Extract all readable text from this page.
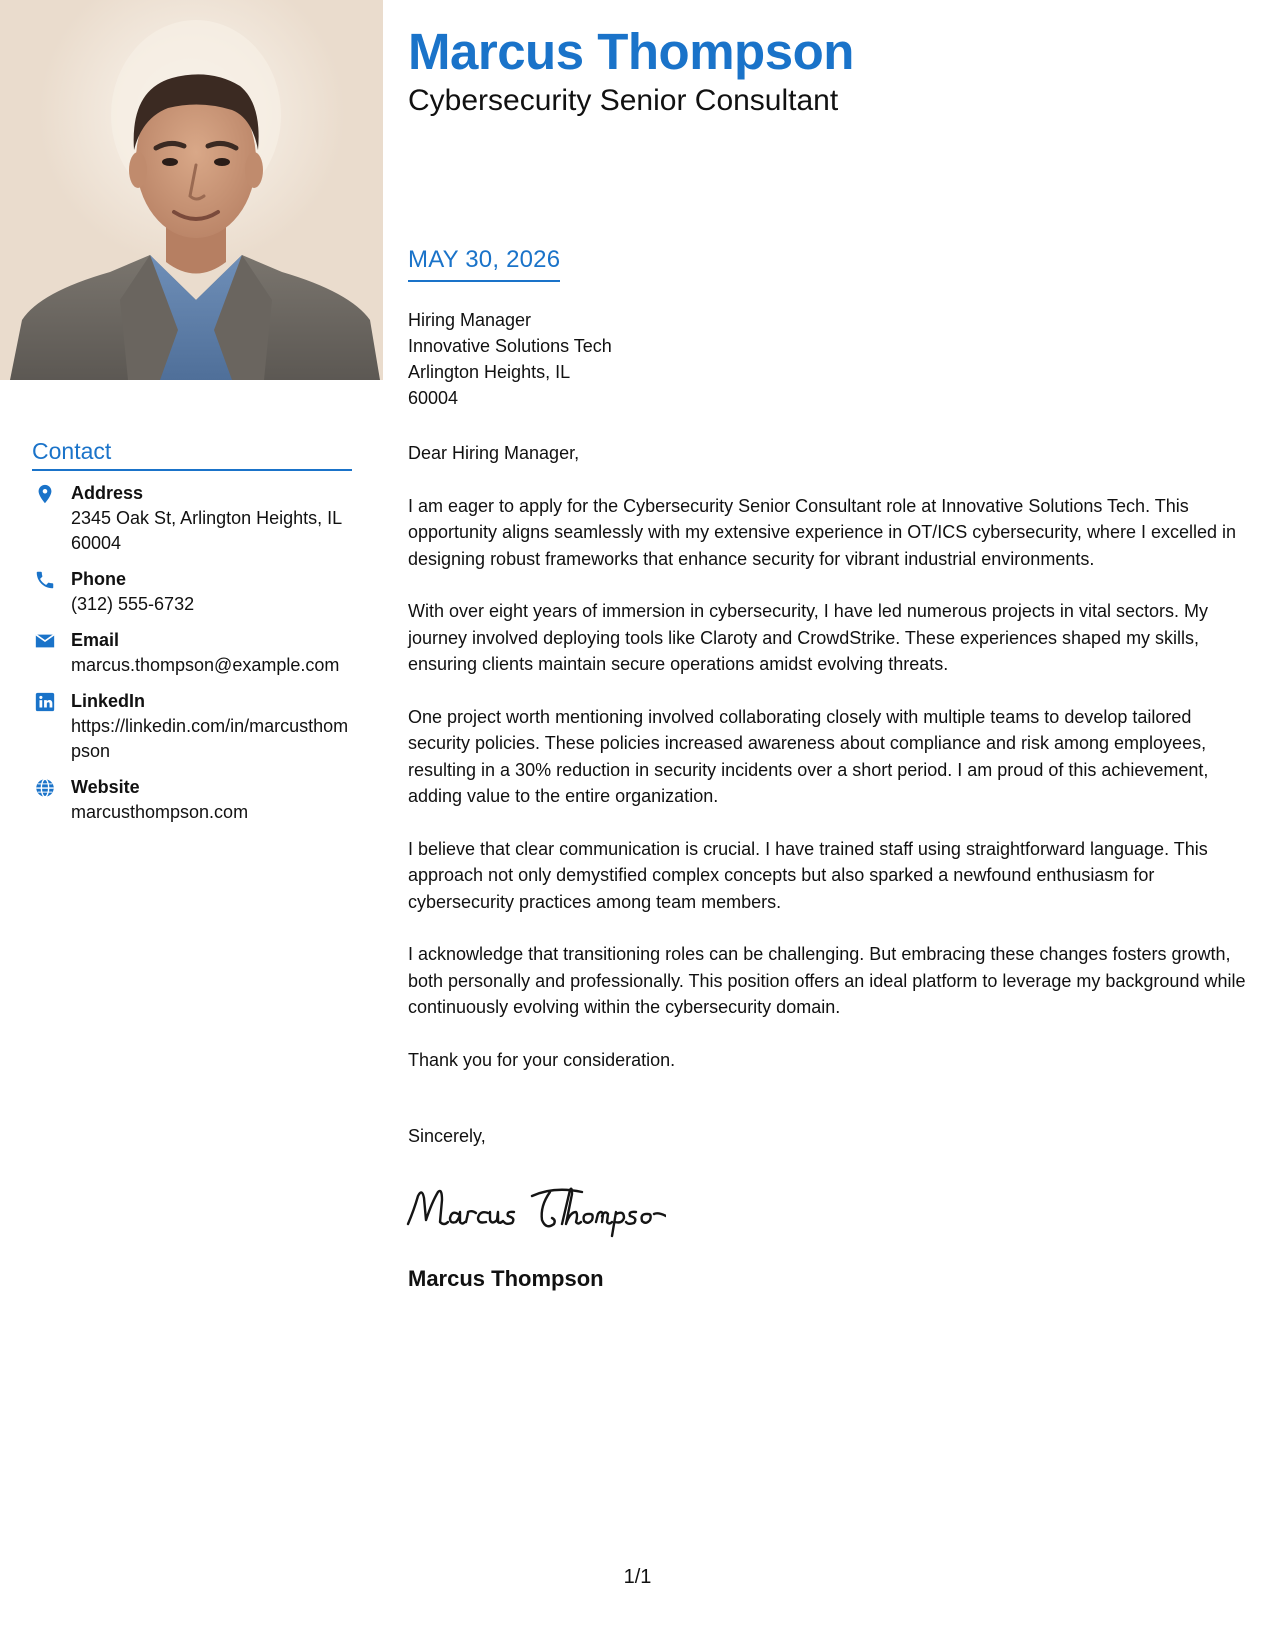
Contact
Address
2345 Oak St, Arlington Heights, IL 60004
Phone
(312) 555-6732
Email
marcus.thompson@example.com
LinkedIn
https://linkedin.com/in/marcusthompson
Website
marcusthompson.com
Marcus Thompson
Cybersecurity Senior Consultant
MAY 30, 2026
Hiring Manager
Innovative Solutions Tech
Arlington Heights, IL
60004

Dear Hiring Manager,

I am eager to apply for the Cybersecurity Senior Consultant role at Innovative Solutions Tech. This opportunity aligns seamlessly with my extensive experience in OT/ICS cybersecurity, where I excelled in designing robust frameworks that enhance security for vibrant industrial environments.

With over eight years of immersion in cybersecurity, I have led numerous projects in vital sectors. My journey involved deploying tools like Claroty and CrowdStrike. These experiences shaped my skills, ensuring clients maintain secure operations amidst evolving threats.

One project worth mentioning involved collaborating closely with multiple teams to develop tailored security policies. These policies increased awareness about compliance and risk among employees, resulting in a 30% reduction in security incidents over a short period. I am proud of this achievement, adding value to the entire organization.

I believe that clear communication is crucial. I have trained staff using straightforward language. This approach not only demystified complex concepts but also sparked a newfound enthusiasm for cybersecurity practices among team members.

I acknowledge that transitioning roles can be challenging. But embracing these changes fosters growth, both personally and professionally. This position offers an ideal platform to leverage my background while continuously evolving within the cybersecurity domain.

Thank you for your consideration.

Sincerely,
Marcus Thompson
1/1
